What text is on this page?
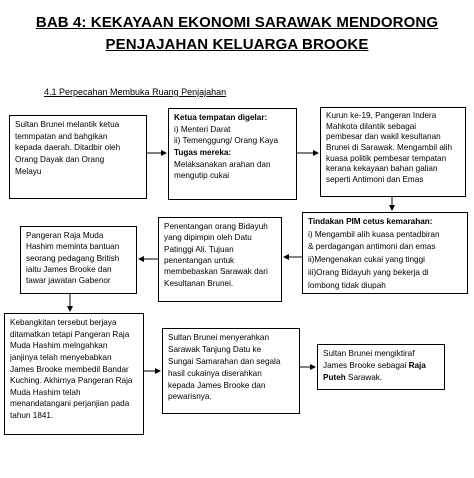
BAB 4: KEKAYAAN EKONOMI SARAWAK MENDORONG
PENJAJAHAN KELUARGA BROOKE
4.1 Perpecahan Membuka Ruang Penjajahan
Sultan Brunei melantik ketua
temmpatan and bahgikan
kepada daerah. Ditadbir oleh
Orang Dayak dan Orang
Melayu
Ketua tempatan digelar:
i) Menteri Darat
ii) Temenggung/ Orang Kaya
Tugas mereka:
Melaksanakan arahan dan
mengutip cukai
Kurun ke-19, Pangeran Indera
Mahkota dilantik sebagai
pembesar dan wakil kesultanan
Brunei di Sarawak. Mengambil alih
kuasa politik pembesar tempatan
kerana kekayaan bahan galian
seperti Antimoni dan Emas
Tindakan PIM cetus kemarahan:
i) Mengambil alih kuasa pentadbiran
& perdagangan antimoni dan emas
ii)Mengenakan cukai yang tinggi
iii)Orang Bidayuh yang bekerja di
lombong tidak diupah
Penentangan orang Bidayuh
yang dipimpin oleh Datu
Patinggi Ali. Tujuan
penentangan untuk
membebaskan Sarawak dari
Kesultanan Brunei.
Pangeran Raja Muda
Hashim meminta bantuan
seorang pedagang British
iaitu James Brooke dan
tawar jawatan Gabenor
Kebangkitan tersebut berjaya
ditamatkan tetapi Pangeran Raja
Muda Hashim melngahkan
janjinya telah menyebabkan
James Brooke membedil Bandar
Kuching. Akhirnya Pangeran Raja
Muda Hashim telah
menandatangani perjanjian pada
tahun 1841.
Sultan Brunei menyerahkan
Sarawak Tanjung Datu ke
Sungai Samarahan dan segala
hasil cukainya diserahkan
kepada James Brooke dan
pewarisnya.
Sultan Brunei mengiktiraf
James Brooke sebagai Raja
Puteh Sarawak.
